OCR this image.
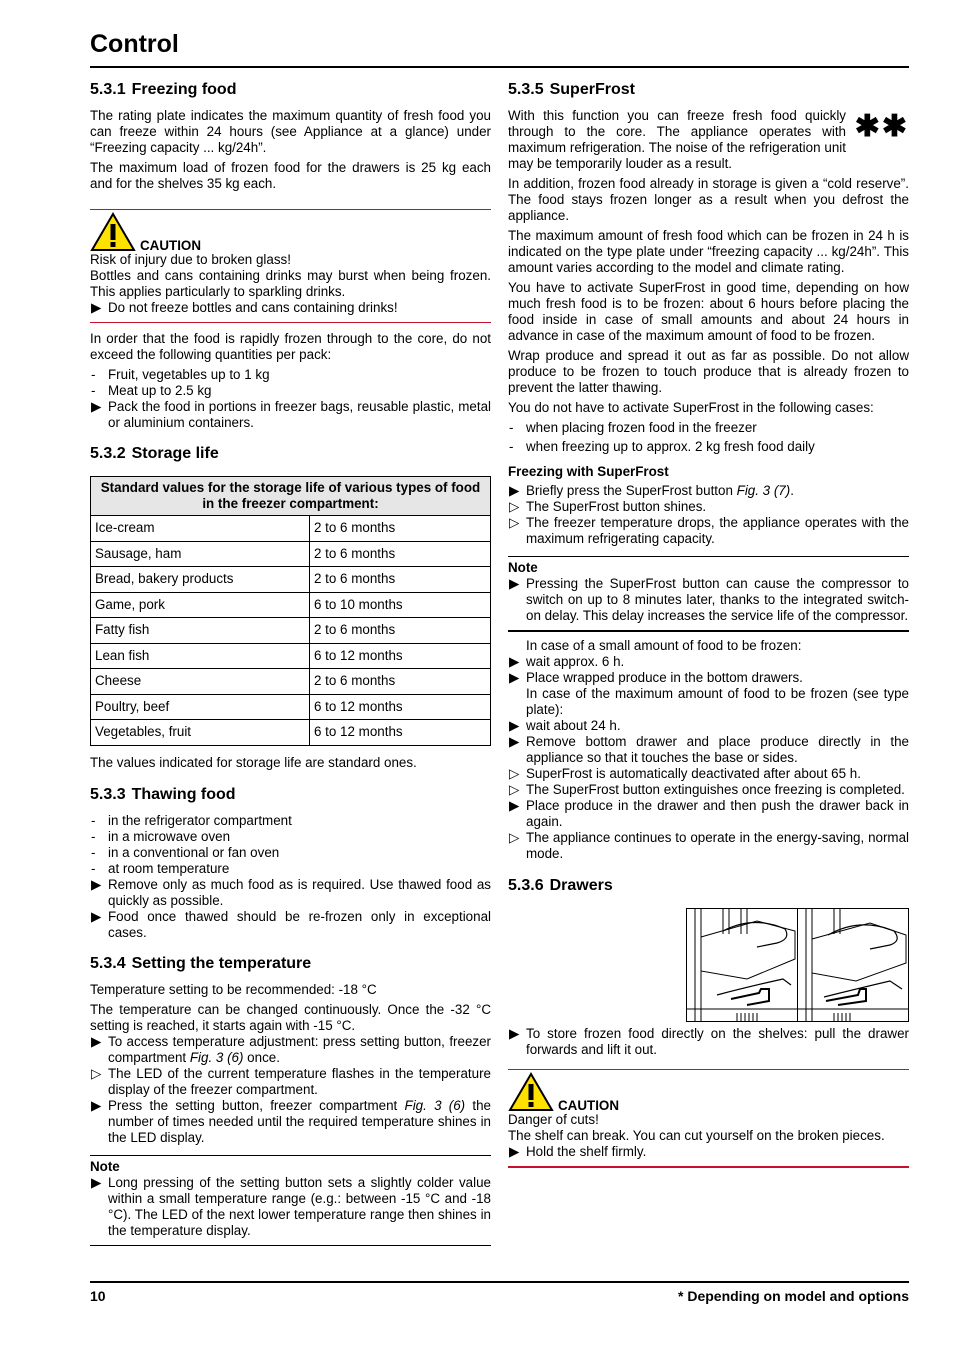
Control
5.3.1 Freezing food

The rating plate indicates the maximum quantity of fresh food you can freeze within 24 hours (see Appliance at a glance) under “Freezing capacity ... kg/24h”.

The maximum load of frozen food for the drawers is 25 kg each and for the shelves 35 kg each.

CAUTION

Risk of injury due to broken glass!

Bottles and cans containing drinks may burst when being frozen. This applies particularly to sparkling drinks.

▶ Do not freeze bottles and cans containing drinks!

In order that the food is rapidly frozen through to the core, do not exceed the following quantities per pack:

- Fruit, vegetables up to 1 kg
- Meat up to 2.5 kg
▶ Pack the food in portions in freezer bags, reusable plastic, metal or aluminium containers.
5.3.2 Storage life
Standard values for the storage life of various types of food in the freezer compartment:	
Ice-cream	2 to 6 months
Sausage, ham	2 to 6 months
Bread, bakery products	2 to 6 months
Game, pork	6 to 10 months
Fatty fish	2 to 6 months
Lean fish	6 to 12 months
Cheese	2 to 6 months
Poultry, beef	6 to 12 months
Vegetables, fruit	6 to 12 months

The values indicated for storage life are standard ones.

5.3.3 Thawing food
- in the refrigerator compartment
- in a microwave oven
- in a conventional or fan oven
- at room temperature
▶ Remove only as much food as is required. Use thawed food as quickly as possible.
▶ Food once thawed should be re-frozen only in exceptional cases.
5.3.4 Setting the temperature

Temperature setting to be recommended: -18 °C

The temperature can be changed continuously. Once the -32 °C setting is reached, it starts again with -15 °C.

▶ To access temperature adjustment: press setting button, freezer compartment Fig. 3 (6) once.
▷ The LED of the current temperature flashes in the temperature display of the freezer compartment.
▶ Press the setting button, freezer compartment Fig. 3 (6) the number of times needed until the required temperature shines in the LED display.
Note
▶ Long pressing of the setting button sets a slightly colder value within a small temperature range (e.g.: between -15 °C and -18 °C). The LED of the next lower temperature range then shines in the temperature display.
5.3.5 SuperFrost
✱✱

With this function you can freeze fresh food quickly through to the core. The appliance operates with maximum refrigeration. The noise of the refrigeration unit may be temporarily louder as a result.

In addition, frozen food already in storage is given a “cold reserve”. The food stays frozen longer as a result when you defrost the appliance.

The maximum amount of fresh food which can be frozen in 24 h is indicated on the type plate under “freezing capacity ... kg/24h”. This amount varies according to the model and climate rating.

You have to activate SuperFrost in good time, depending on how much fresh food is to be frozen: about 6 hours before placing the food inside in case of small amounts and about 24 hours in advance in case of the maximum amount of food to be frozen.

Wrap produce and spread it out as far as possible. Do not allow produce to be frozen to touch produce that is already frozen to prevent the latter thawing.

You do not have to activate SuperFrost in the following cases:

- when placing frozen food in the freezer
- when freezing up to approx. 2 kg fresh food daily
Freezing with SuperFrost
▶ Briefly press the SuperFrost button Fig. 3 (7).
▷ The SuperFrost button shines.
▷ The freezer temperature drops, the appliance operates with the maximum refrigerating capacity.
Note
▶ Pressing the SuperFrost button can cause the compressor to switch on up to 8 minutes later, thanks to the integrated switch-on delay. This delay increases the service life of the compressor.

In case of a small amount of food to be frozen:

▶ wait approx. 6 h.
▶ Place wrapped produce in the bottom drawers.
In case of the maximum amount of food to be frozen (see type plate):
▶ wait about 24 h.
▶ Remove bottom drawer and place produce directly in the appliance so that it touches the base or sides.
▷ SuperFrost is automatically deactivated after about 65 h.
▷ The SuperFrost button extinguishes once freezing is completed.
▶ Place produce in the drawer and then push the drawer back in again.
▷ The appliance continues to operate in the energy-saving, normal mode.
5.3.6 Drawers
▶ To store frozen food directly on the shelves: pull the drawer forwards and lift it out.
CAUTION

Danger of cuts!

The shelf can break. You can cut yourself on the broken pieces.

▶ Hold the shelf firmly.
10	* Depending on model and options
